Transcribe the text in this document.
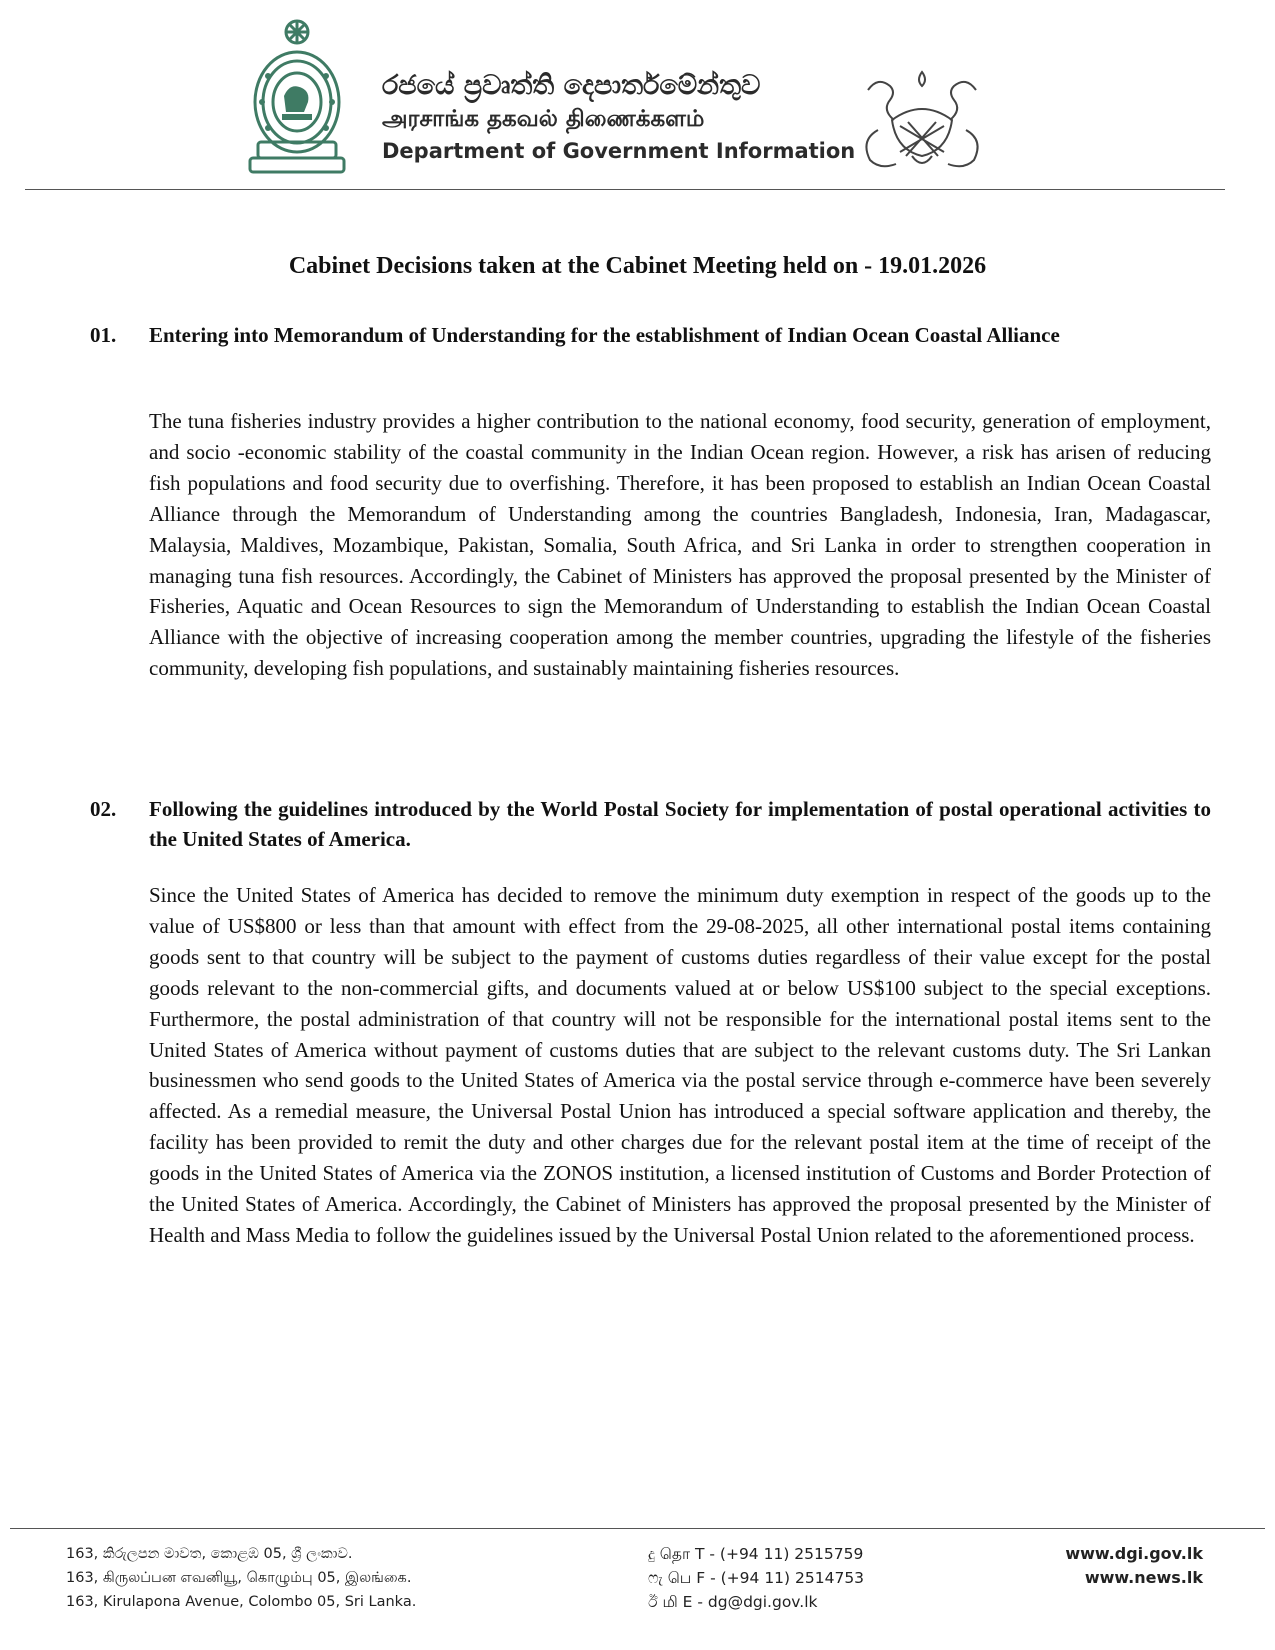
රජයේ ප්‍රවෘත්ති දෙපාර්තමේන්තුව
அரசாங்க தகவல் திணைக்களம்
Department of Government Information
Cabinet Decisions taken at the Cabinet Meeting held on - 19.01.2026
01. Entering into Memorandum of Understanding for the establishment of Indian Ocean Coastal Alliance
The tuna fisheries industry provides a higher contribution to the national economy, food security, generation of employment, and socio -economic stability of the coastal community in the Indian Ocean region. However, a risk has arisen of reducing fish populations and food security due to overfishing. Therefore, it has been proposed to establish an Indian Ocean Coastal Alliance through the Memorandum of Understanding among the countries Bangladesh, Indonesia, Iran, Madagascar, Malaysia, Maldives, Mozambique, Pakistan, Somalia, South Africa, and Sri Lanka in order to strengthen cooperation in managing tuna fish resources. Accordingly, the Cabinet of Ministers has approved the proposal presented by the Minister of Fisheries, Aquatic and Ocean Resources to sign the Memorandum of Understanding to establish the Indian Ocean Coastal Alliance with the objective of increasing cooperation among the member countries, upgrading the lifestyle of the fisheries community, developing fish populations, and sustainably maintaining fisheries resources.
02. Following the guidelines introduced by the World Postal Society for implementation of postal operational activities to the United States of America.
Since the United States of America has decided to remove the minimum duty exemption in respect of the goods up to the value of US$800 or less than that amount with effect from the 29-08-2025, all other international postal items containing goods sent to that country will be subject to the payment of customs duties regardless of their value except for the postal goods relevant to the non-commercial gifts, and documents valued at or below US$100 subject to the special exceptions. Furthermore, the postal administration of that country will not be responsible for the international postal items sent to the United States of America without payment of customs duties that are subject to the relevant customs duty. The Sri Lankan businessmen who send goods to the United States of America via the postal service through e-commerce have been severely affected. As a remedial measure, the Universal Postal Union has introduced a special software application and thereby, the facility has been provided to remit the duty and other charges due for the relevant postal item at the time of receipt of the goods in the United States of America via the ZONOS institution, a licensed institution of Customs and Border Protection of the United States of America. Accordingly, the Cabinet of Ministers has approved the proposal presented by the Minister of Health and Mass Media to follow the guidelines issued by the Universal Postal Union related to the aforementioned process.
163, කිරුලපන මාවත, කොළඹ 05, ශ්‍රී ලංකාව.
163, கிருலப்பன எவனியூ, கொழும்பு 05, இலங்கை.
163, Kirulapona Avenue, Colombo 05, Sri Lanka.
දු தொ T - (+94 11) 2515759
ෆැ பெ F - (+94 11) 2514753
ඊ மி E - dg@dgi.gov.lk
www.dgi.gov.lk
www.news.lk
